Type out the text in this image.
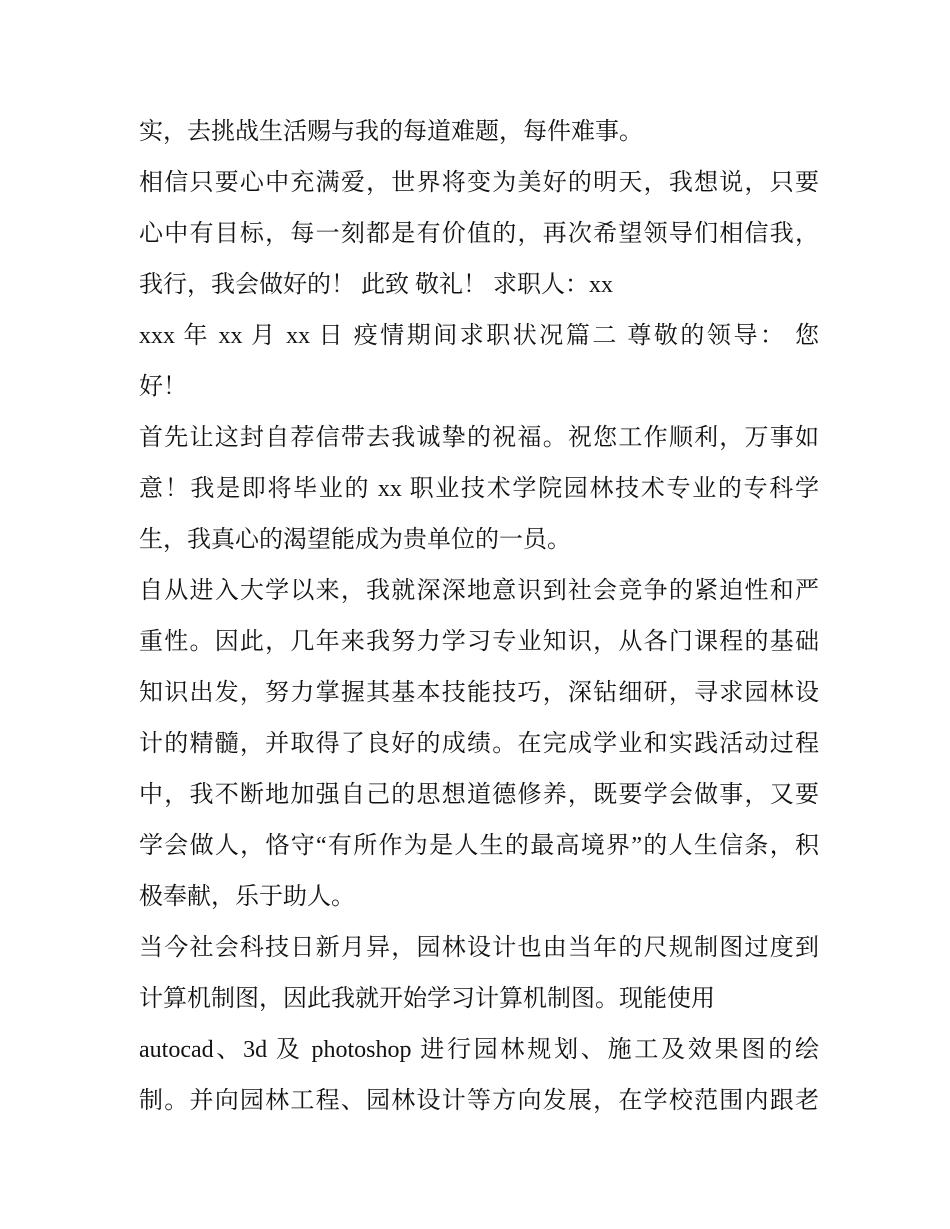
实，去挑战生活赐与我的每道难题，每件难事。
相信只要心中充满爱，世界将变为美好的明天，我想说，只要
心中有目标，每一刻都是有价值的，再次希望领导们相信我，
我行，我会做好的！ 此致 敬礼！ 求职人：xx
xxx 年 xx 月 xx 日 疫情期间求职状况篇二 尊敬的领导： 您
好！
首先让这封自荐信带去我诚挚的祝福。祝您工作顺利，万事如
意！我是即将毕业的 xx 职业技术学院园林技术专业的专科学
生，我真心的渴望能成为贵单位的一员。
自从进入大学以来，我就深深地意识到社会竞争的紧迫性和严
重性。因此，几年来我努力学习专业知识，从各门课程的基础
知识出发，努力掌握其基本技能技巧，深钻细研，寻求园林设
计的精髓，并取得了良好的成绩。在完成学业和实践活动过程
中，我不断地加强自己的思想道德修养，既要学会做事，又要
学会做人，恪守“有所作为是人生的最高境界”的人生信条，积
极奉献，乐于助人。
当今社会科技日新月异，园林设计也由当年的尺规制图过度到
计算机制图，因此我就开始学习计算机制图。现能使用
autocad、3d 及 photoshop 进行园林规划、施工及效果图的绘
制。并向园林工程、园林设计等方向发展，在学校范围内跟老
